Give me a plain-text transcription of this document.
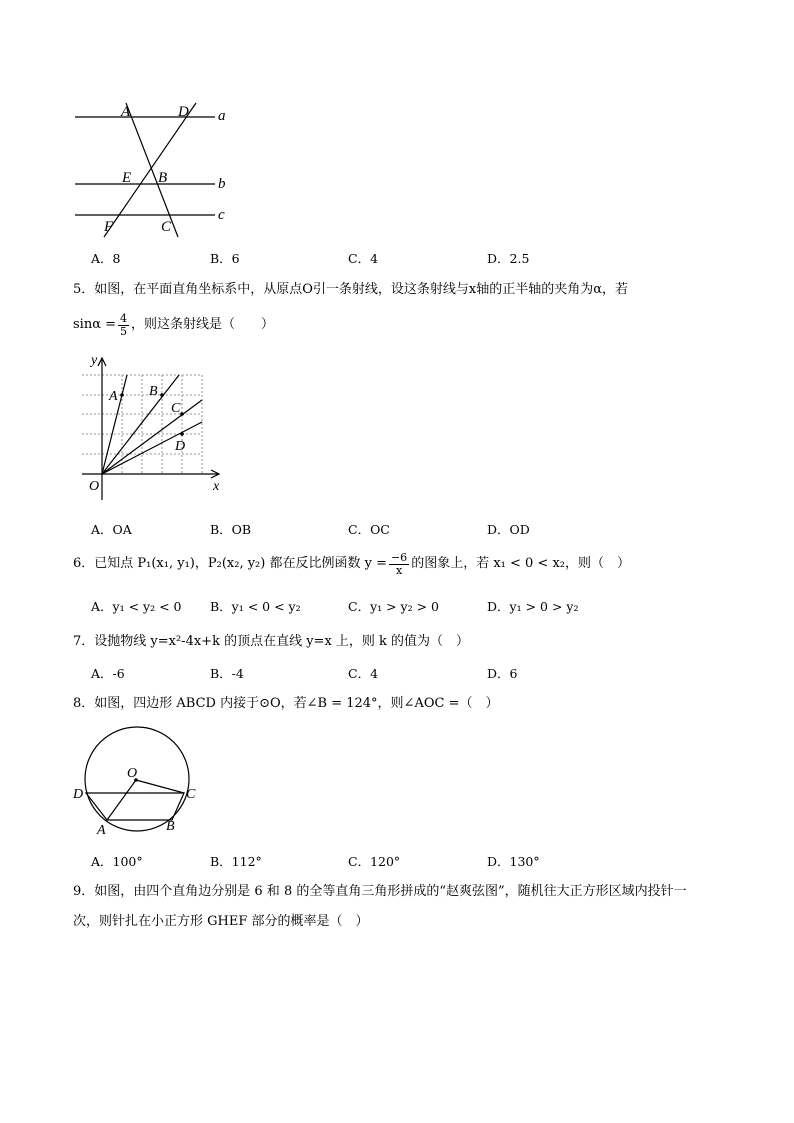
A	D a
E B	b
F	C
c
A．8	B．6	C．4	D．2.5
5．如图，在平面直角坐标系中，从原点O引一条射线，设这条射线与x轴的正半轴的夹角为α，若
$\sin\alpha = \frac{4}{5}$ ，则这条射线是（　　）
y
x
O
A B
C
D
A．OA	B．OB	C．OC	D．OD
6．已知点 P₁(x₁, y₁)，P₂(x₂, y₂) 都在反比例函数 $y = \frac{-6}{x}$ 的图象上，若 x₁ < 0 < x₂，则（　）
A．y₁ < y₂ < 0 B．y₁ < 0 < y₂	C．y₁ > y₂ > 0	D．y₁ > 0 > y₂
7．设抛物线 y=x²-4x+k 的顶点在直线 y=x 上，则 k 的值为（　）
A．-6	B．-4	C．4	D．6
8．如图，四边形 ABCD 内接于⊙O，若∠B = 124°，则∠AOC =（　）
O
D	C
A	B
A．100°	B．112°	C．120°	D．130°
9．如图，由四个直角边分别是 6 和 8 的全等直角三角形拼成的“赵爽弦图”，随机往大正方形区域内投针一
次，则针扎在小正方形 GHEF 部分的概率是（　）
